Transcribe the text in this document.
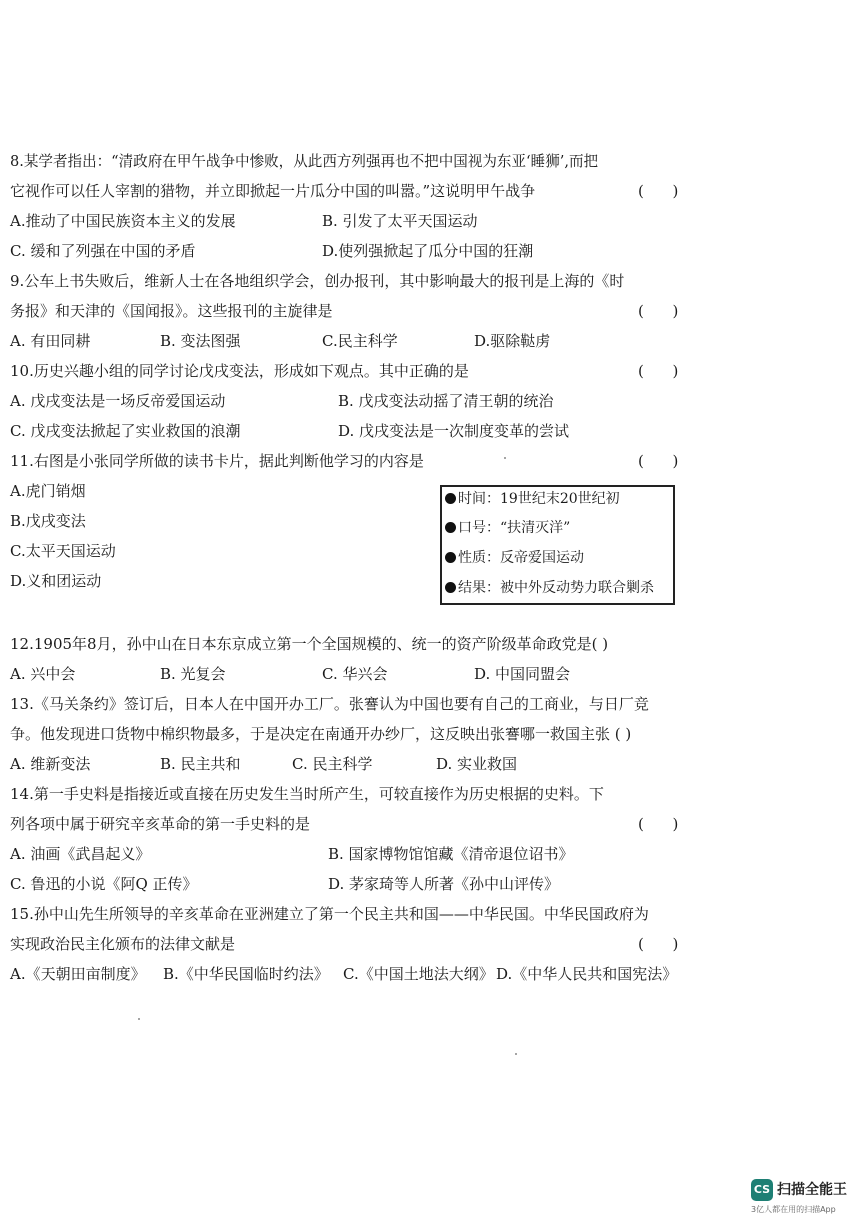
8.某学者指出：“清政府在甲午战争中惨败，从此西方列强再也不把中国视为东亚‘睡狮’,而把
它视作可以任人宰割的猎物，并立即掀起一片瓜分中国的叫嚣。”这说明甲午战争	(      )
A.推动了中国民族资本主义的发展	B. 引发了太平天国运动
C. 缓和了列强在中国的矛盾	D.使列强掀起了瓜分中国的狂潮
9.公车上书失败后，维新人士在各地组织学会，创办报刊，其中影响最大的报刊是上海的《时
务报》和天津的《国闻报》。这些报刊的主旋律是	(      )
A. 有田同耕	B. 变法图强	C.民主科学	D.驱除鞑虏
10.历史兴趣小组的同学讨论戊戌变法，形成如下观点。其中正确的是	(      )
A. 戊戌变法是一场反帝爱国运动	B. 戊戌变法动摇了清王朝的统治
C. 戊戌变法掀起了实业救国的浪潮	D. 戊戌变法是一次制度变革的尝试
11.右图是小张同学所做的读书卡片，据此判断他学习的内容是	(      )
A.虎门销烟
B.戊戌变法
C.太平天国运动
D.义和团运动
时间：19世纪末20世纪初
口号：“扶清灭洋”
性质：反帝爱国运动
结果：被中外反动势力联合剿杀
12.1905年8月，孙中山在日本东京成立第一个全国规模的、统一的资产阶级革命政党是( )
A. 兴中会	B. 光复会	C. 华兴会	D. 中国同盟会
13.《马关条约》签订后，日本人在中国开办工厂。张謇认为中国也要有自己的工商业，与日厂竞
争。他发现进口货物中棉织物最多，于是决定在南通开办纱厂，这反映出张謇哪一救国主张 ( )
A. 维新变法	B. 民主共和	C. 民主科学	D. 实业救国
14.第一手史料是指接近或直接在历史发生当时所产生，可较直接作为历史根据的史料。下
列各项中属于研究辛亥革命的第一手史料的是	(      )
A. 油画《武昌起义》	B. 国家博物馆馆藏《清帝退位诏书》
C. 鲁迅的小说《阿Q 正传》	D. 茅家琦等人所著《孙中山评传》
15.孙中山先生所领导的辛亥革命在亚洲建立了第一个民主共和国——中华民国。中华民国政府为
实现政治民主化颁布的法律文献是	(      )
A.《天朝田亩制度》 B.《中华民国临时约法》 C.《中国土地法大纲》 D.《中华人民共和国宪法》
CS 扫描全能王
3亿人都在用的扫描App
